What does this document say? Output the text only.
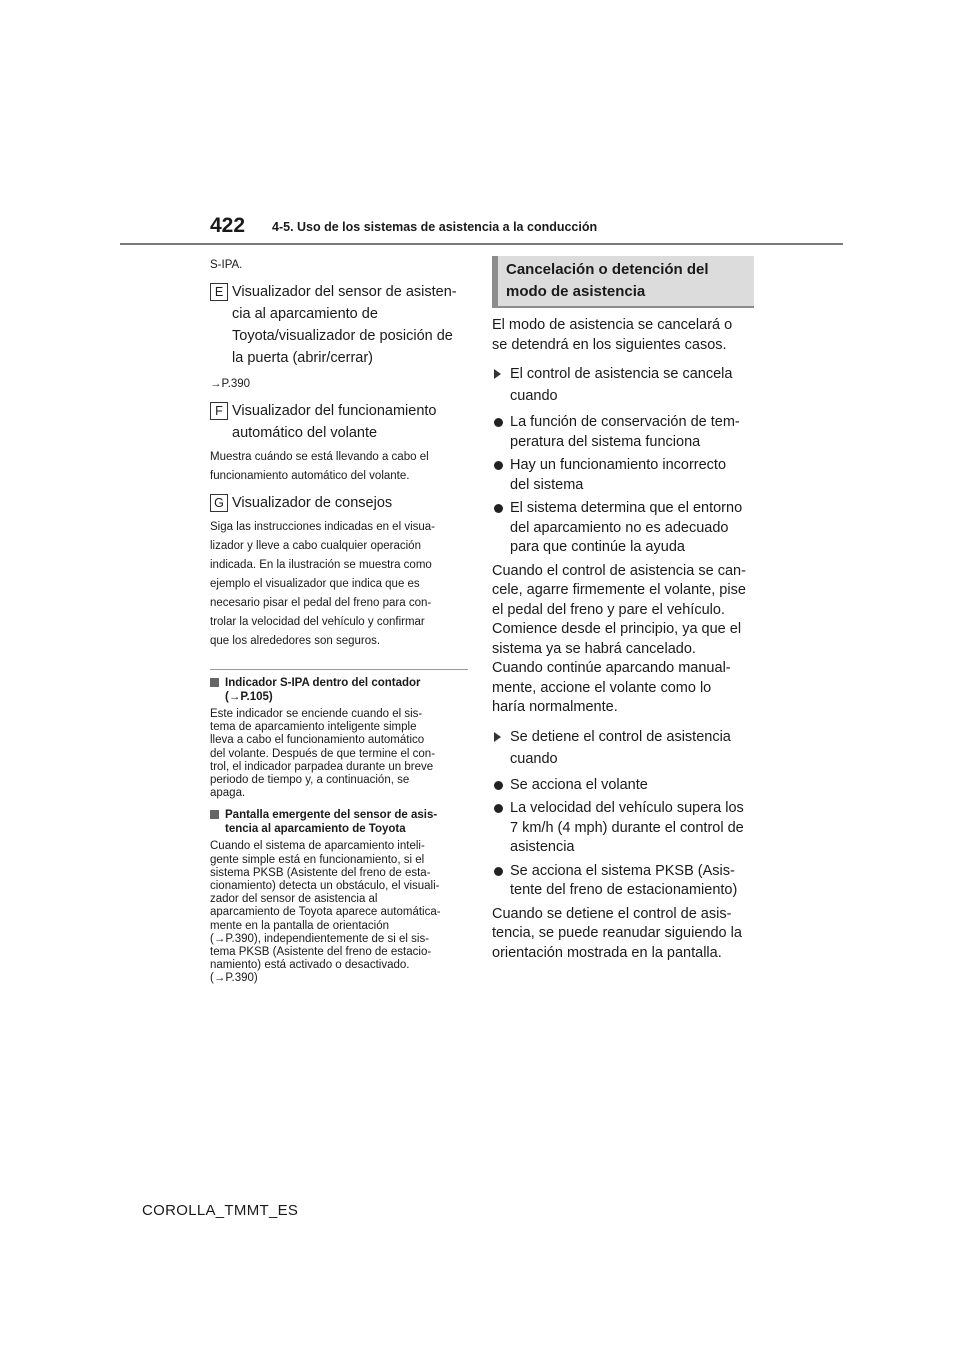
422 4-5. Uso de los sistemas de asistencia a la conducción
S-IPA.
E Visualizador del sensor de asisten-
cia al aparcamiento de
Toyota/visualizador de posición de
la puerta (abrir/cerrar)
→P.390
F Visualizador del funcionamiento
automático del volante
Muestra cuándo se está llevando a cabo el
funcionamiento automático del volante.
G Visualizador de consejos
Siga las instrucciones indicadas en el visua-
lizador y lleve a cabo cualquier operación
indicada. En la ilustración se muestra como
ejemplo el visualizador que indica que es
necesario pisar el pedal del freno para con-
trolar la velocidad del vehículo y confirmar
que los alrededores son seguros.
Indicador S-IPA dentro del contador
(→P.105)
Este indicador se enciende cuando el sis-
tema de aparcamiento inteligente simple
lleva a cabo el funcionamiento automático
del volante. Después de que termine el con-
trol, el indicador parpadea durante un breve
periodo de tiempo y, a continuación, se
apaga.
Pantalla emergente del sensor de asis-
tencia al aparcamiento de Toyota
Cuando el sistema de aparcamiento inteli-
gente simple está en funcionamiento, si el
sistema PKSB (Asistente del freno de esta-
cionamiento) detecta un obstáculo, el visuali-
zador del sensor de asistencia al
aparcamiento de Toyota aparece automática-
mente en la pantalla de orientación
(→P.390), independientemente de si el sis-
tema PKSB (Asistente del freno de estacio-
namiento) está activado o desactivado.
(→P.390)
Cancelación o detención del
modo de asistencia
El modo de asistencia se cancelará o
se detendrá en los siguientes casos.
El control de asistencia se cancela
cuando
La función de conservación de tem-
peratura del sistema funciona
Hay un funcionamiento incorrecto
del sistema
El sistema determina que el entorno
del aparcamiento no es adecuado
para que continúe la ayuda
Cuando el control de asistencia se can-
cele, agarre firmemente el volante, pise
el pedal del freno y pare el vehículo.
Comience desde el principio, ya que el
sistema ya se habrá cancelado.
Cuando continúe aparcando manual-
mente, accione el volante como lo
haría normalmente.
Se detiene el control de asistencia
cuando
Se acciona el volante
La velocidad del vehículo supera los
7 km/h (4 mph) durante el control de
asistencia
Se acciona el sistema PKSB (Asis-
tente del freno de estacionamiento)
Cuando se detiene el control de asis-
tencia, se puede reanudar siguiendo la
orientación mostrada en la pantalla.
COROLLA_TMMT_ES
